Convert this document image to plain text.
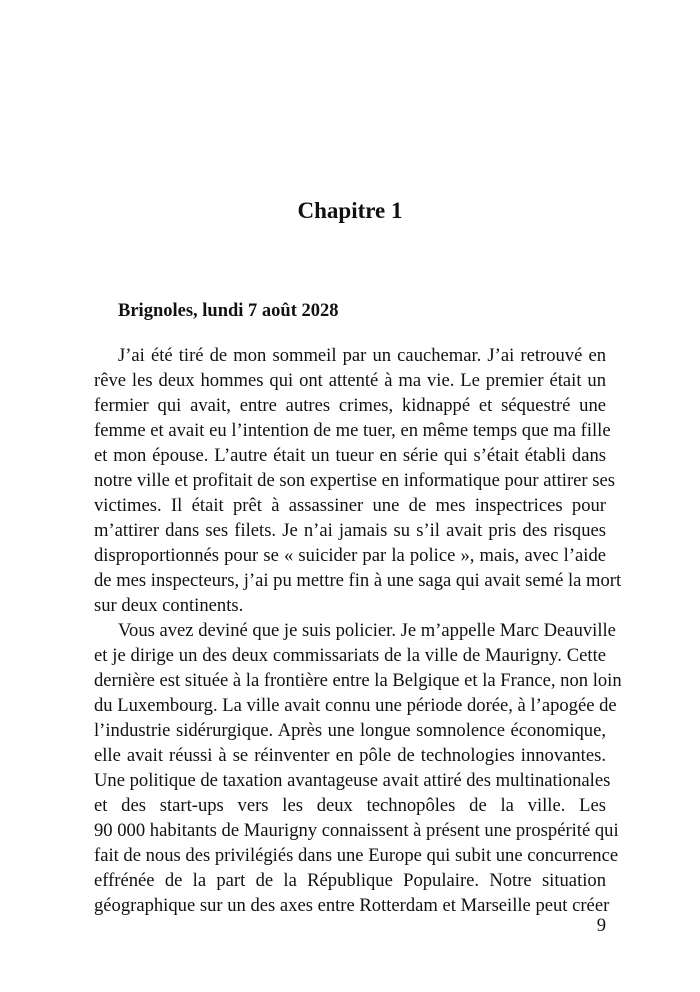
Chapitre 1
Brignoles, lundi 7 août 2028
J’ai été tiré de mon sommeil par un cauchemar. J’ai retrouvé en
rêve les deux hommes qui ont attenté à ma vie. Le premier était un
fermier qui avait, entre autres crimes, kidnappé et séquestré une
femme et avait eu l’intention de me tuer, en même temps que ma fille
et mon épouse. L’autre était un tueur en série qui s’était établi dans
notre ville et profitait de son expertise en informatique pour attirer ses
victimes. Il était prêt à assassiner une de mes inspectrices pour
m’attirer dans ses filets. Je n’ai jamais su s’il avait pris des risques
disproportionnés pour se « suicider par la police », mais, avec l’aide
de mes inspecteurs, j’ai pu mettre fin à une saga qui avait semé la mort
sur deux continents.
Vous avez deviné que je suis policier. Je m’appelle Marc Deauville
et je dirige un des deux commissariats de la ville de Maurigny. Cette
dernière est située à la frontière entre la Belgique et la France, non loin
du Luxembourg. La ville avait connu une période dorée, à l’apogée de
l’industrie sidérurgique. Après une longue somnolence économique,
elle avait réussi à se réinventer en pôle de technologies innovantes.
Une politique de taxation avantageuse avait attiré des multinationales
et des start-ups vers les deux technopôles de la ville. Les
90 000 habitants de Maurigny connaissent à présent une prospérité qui
fait de nous des privilégiés dans une Europe qui subit une concurrence
effrénée de la part de la République Populaire. Notre situation
géographique sur un des axes entre Rotterdam et Marseille peut créer
9
